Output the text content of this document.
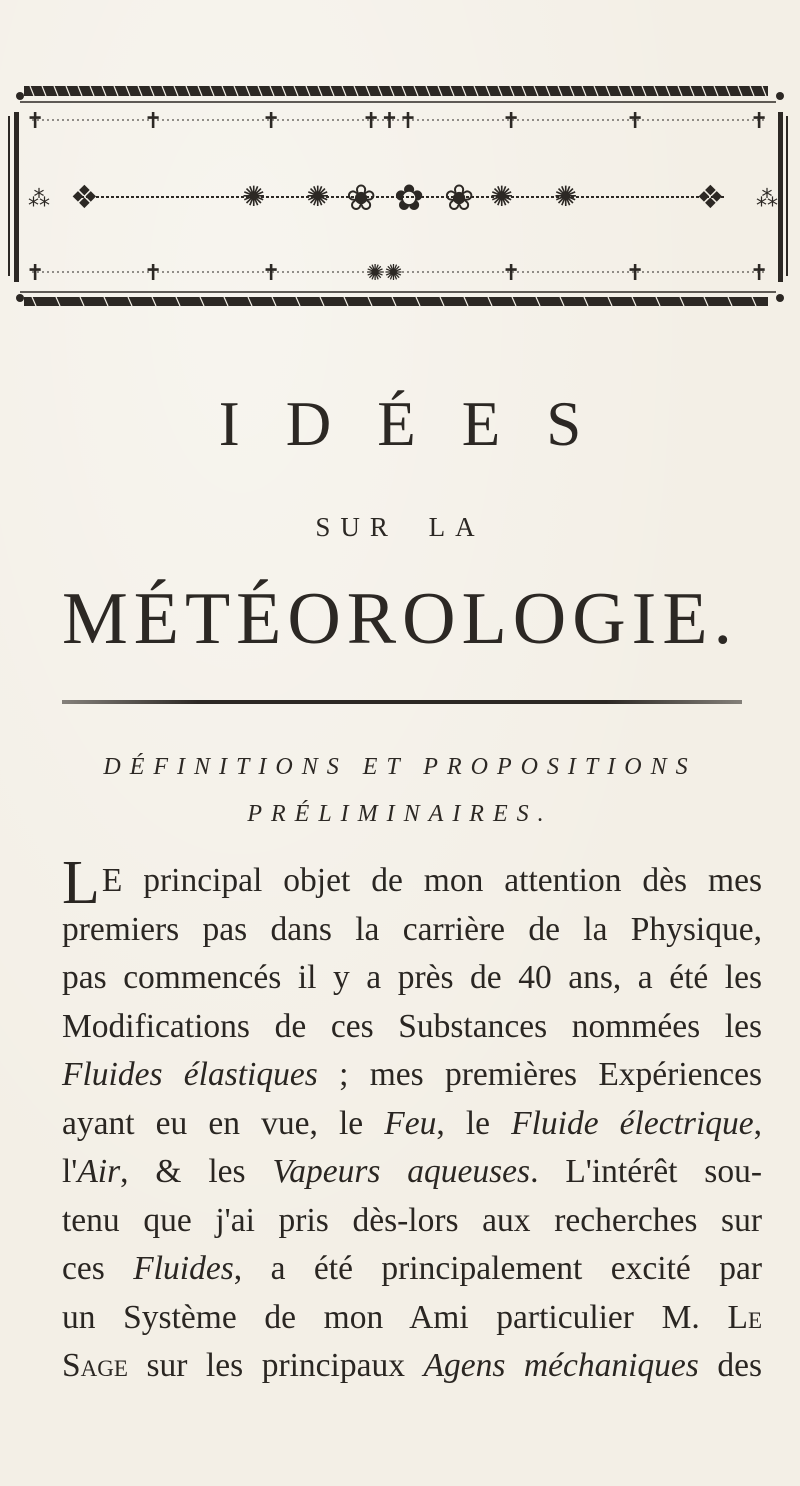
✝	✝	✝	✝✝✝	✝	✝	✝
✝	✝	✝	✺✺	✝	✝	✝
❖	✺ ✺ ❀ ✿ ❀ ✺ ✺	❖
⁂	⁂
IDÉES
SUR LA
MÉTÉOROLOGIE.
DÉFINITIONS ET PROPOSITIONS
PRÉLIMINAIRES.
LE principal objet de mon attention dès mes
premiers pas dans la carrière de la Physique,
pas commencés il y a près de 40 ans, a été les
Modifications de ces Substances nommées les
Fluides élastiques ; mes premières Expériences
ayant eu en vue, le Feu, le Fluide électrique,
l'Air, & les Vapeurs aqueuses. L'intérêt sou-
tenu que j'ai pris dès-lors aux recherches sur
ces Fluides, a été principalement excité par
un Système de mon Ami particulier M. Le
Sage sur les principaux Agens méchaniques des
